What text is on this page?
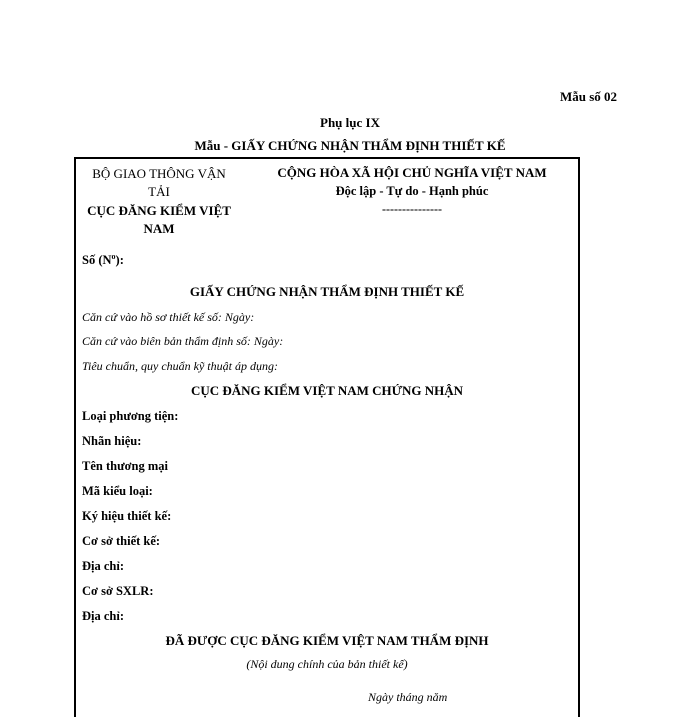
Mẫu số 02
Phụ lục IX
Mẫu - GIẤY CHỨNG NHẬN THẨM ĐỊNH THIẾT KẾ
BỘ GIAO THÔNG VẬN TẢI
CỤC ĐĂNG KIỂM VIỆT NAM
CỘNG HÒA XÃ HỘI CHỦ NGHĨA VIỆT NAM
Độc lập - Tự do - Hạnh phúc
---------------
Số $(N^o)$:
GIẤY CHỨNG NHẬN THẨM ĐỊNH THIẾT KẾ
Căn cứ vào hồ sơ thiết kế số: Ngày:
Căn cứ vào biên bản thẩm định số: Ngày:
Tiêu chuẩn, quy chuẩn kỹ thuật áp dụng:
CỤC ĐĂNG KIỂM VIỆT NAM CHỨNG NHẬN
Loại phương tiện:
Nhãn hiệu:
Tên thương mại
Mã kiểu loại:
Ký hiệu thiết kế:
Cơ sở thiết kế:
Địa chỉ:
Cơ sở SXLR:
Địa chỉ:
ĐÃ ĐƯỢC CỤC ĐĂNG KIỂM VIỆT NAM THẨM ĐỊNH
(Nội dung chính của bản thiết kế)
Ngày tháng năm
